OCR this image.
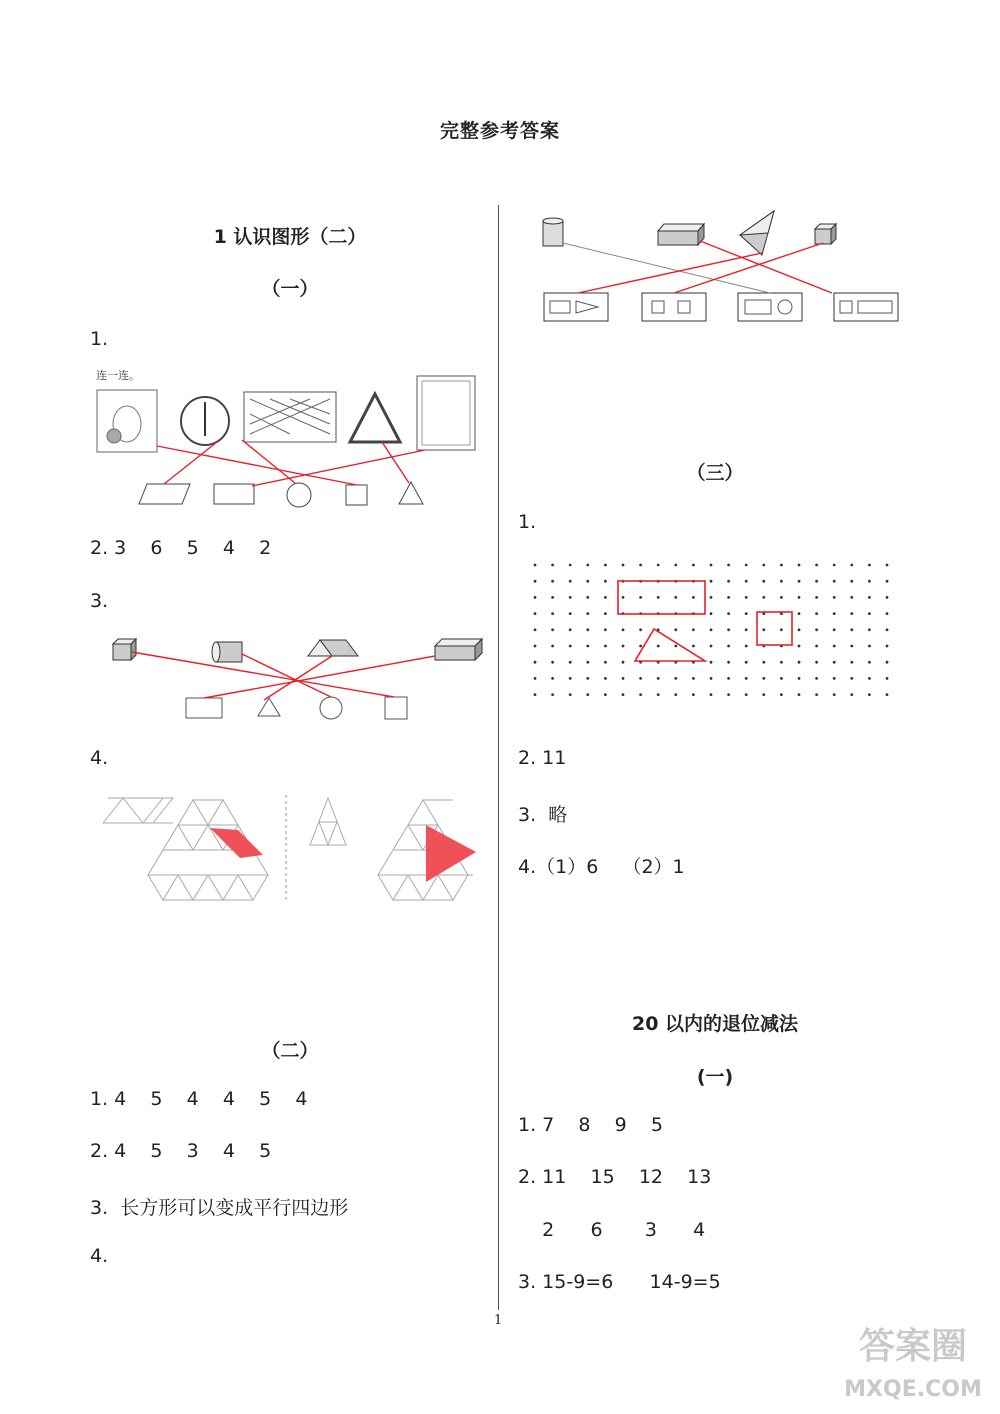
完整参考答案
1 认识图形（二）
（一）
1.
连一连。
2. 3    6    5    4    2
3.
4.
（二）
1. 4    5    4    4    5    4
2. 4    5    3    4    5
3.  长方形可以变成平行四边形
4.
（三）
1.
2. 11
3.  略
4.（1）6    （2）1
20 以内的退位减法
(一)
1. 7    8    9    5
2. 11    15    12    13
2      6       3      4
3. 15-9=6      14-9=5
1
答案圈
MXQE.COM
